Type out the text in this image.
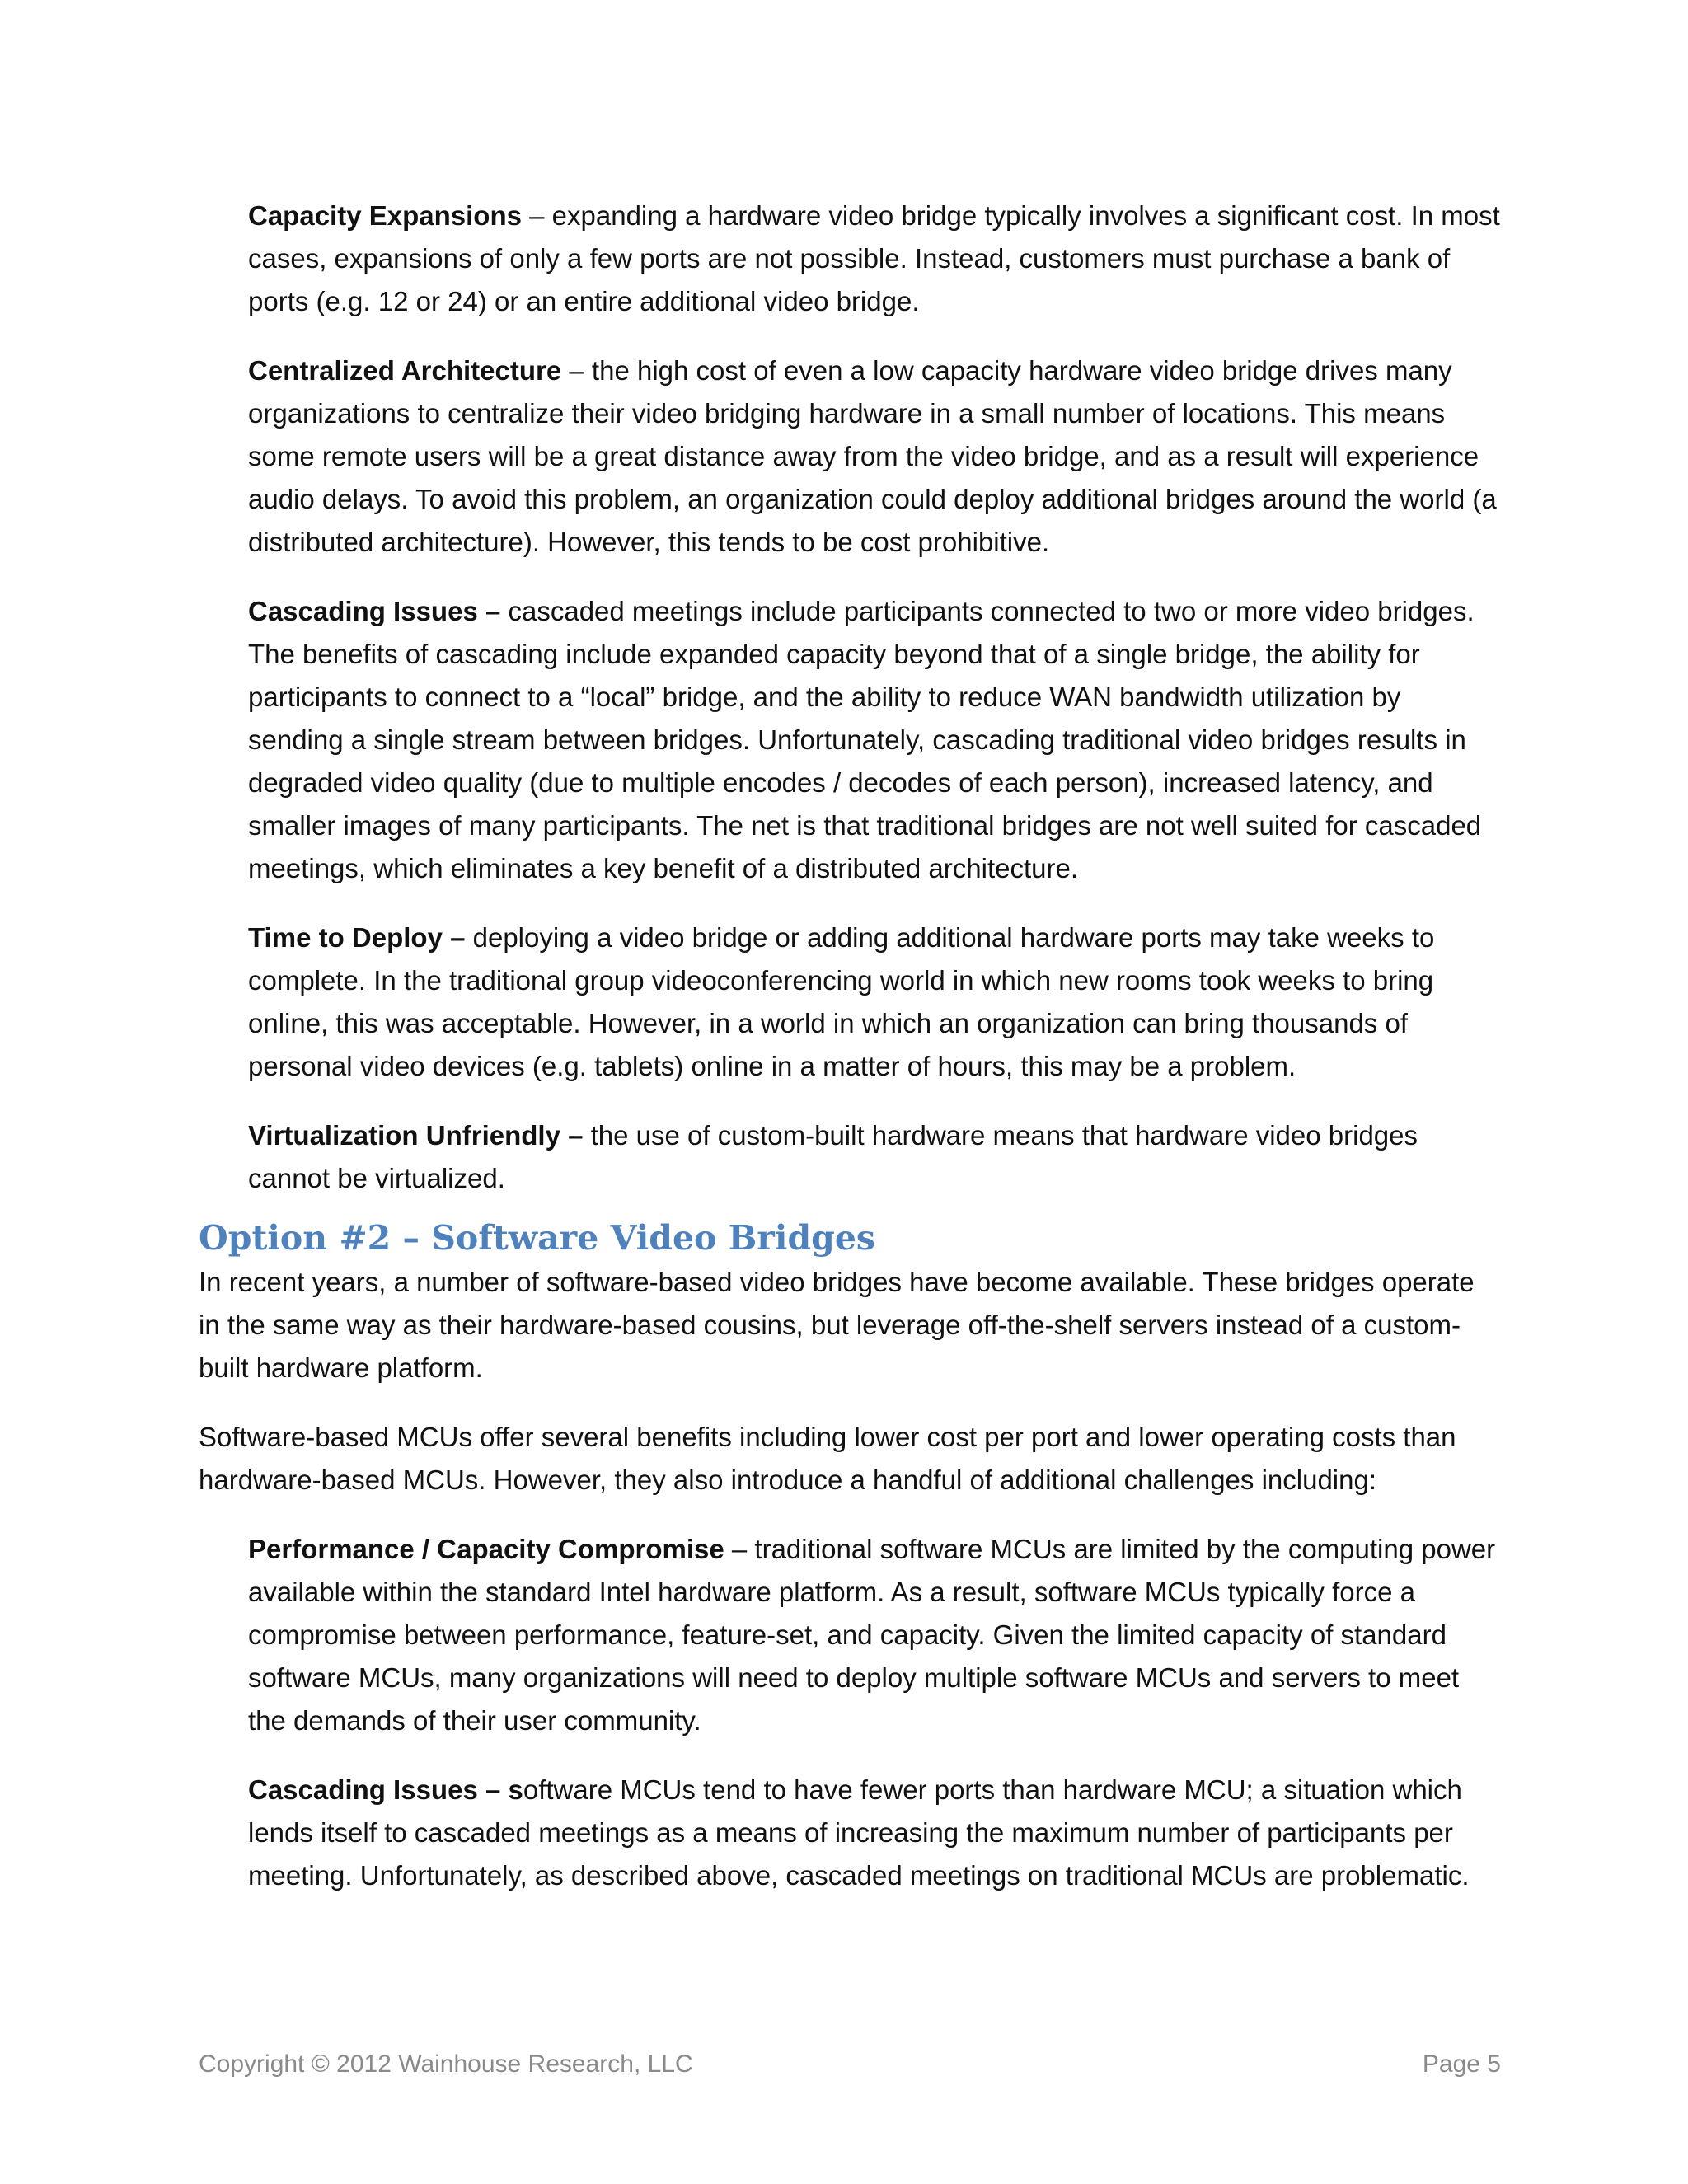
Capacity Expansions – expanding a hardware video bridge typically involves a significant cost. In most cases, expansions of only a few ports are not possible. Instead, customers must purchase a bank of ports (e.g. 12 or 24) or an entire additional video bridge.

Centralized Architecture – the high cost of even a low capacity hardware video bridge drives many organizations to centralize their video bridging hardware in a small number of locations. This means some remote users will be a great distance away from the video bridge, and as a result will experience audio delays. To avoid this problem, an organization could deploy additional bridges around the world (a distributed architecture). However, this tends to be cost prohibitive.

Cascading Issues – cascaded meetings include participants connected to two or more video bridges. The benefits of cascading include expanded capacity beyond that of a single bridge, the ability for participants to connect to a “local” bridge, and the ability to reduce WAN bandwidth utilization by sending a single stream between bridges. Unfortunately, cascading traditional video bridges results in degraded video quality (due to multiple encodes / decodes of each person), increased latency, and smaller images of many participants. The net is that traditional bridges are not well suited for cascaded meetings, which eliminates a key benefit of a distributed architecture.

Time to Deploy – deploying a video bridge or adding additional hardware ports may take weeks to complete. In the traditional group videoconferencing world in which new rooms took weeks to bring online, this was acceptable. However, in a world in which an organization can bring thousands of personal video devices (e.g. tablets) online in a matter of hours, this may be a problem.

Virtualization Unfriendly – the use of custom-built hardware means that hardware video bridges cannot be virtualized.

Option #2 – Software Video Bridges

In recent years, a number of software-based video bridges have become available. These bridges operate in the same way as their hardware-based cousins, but leverage off-the-shelf servers instead of a custom-built hardware platform.

Software-based MCUs offer several benefits including lower cost per port and lower operating costs than hardware-based MCUs. However, they also introduce a handful of additional challenges including:

Performance / Capacity Compromise – traditional software MCUs are limited by the computing power available within the standard Intel hardware platform. As a result, software MCUs typically force a compromise between performance, feature-set, and capacity. Given the limited capacity of standard software MCUs, many organizations will need to deploy multiple software MCUs and servers to meet the demands of their user community.

Cascading Issues – software MCUs tend to have fewer ports than hardware MCU; a situation which lends itself to cascaded meetings as a means of increasing the maximum number of participants per meeting. Unfortunately, as described above, cascaded meetings on traditional MCUs are problematic.

Copyright © 2012 Wainhouse Research, LLC	Page 5
